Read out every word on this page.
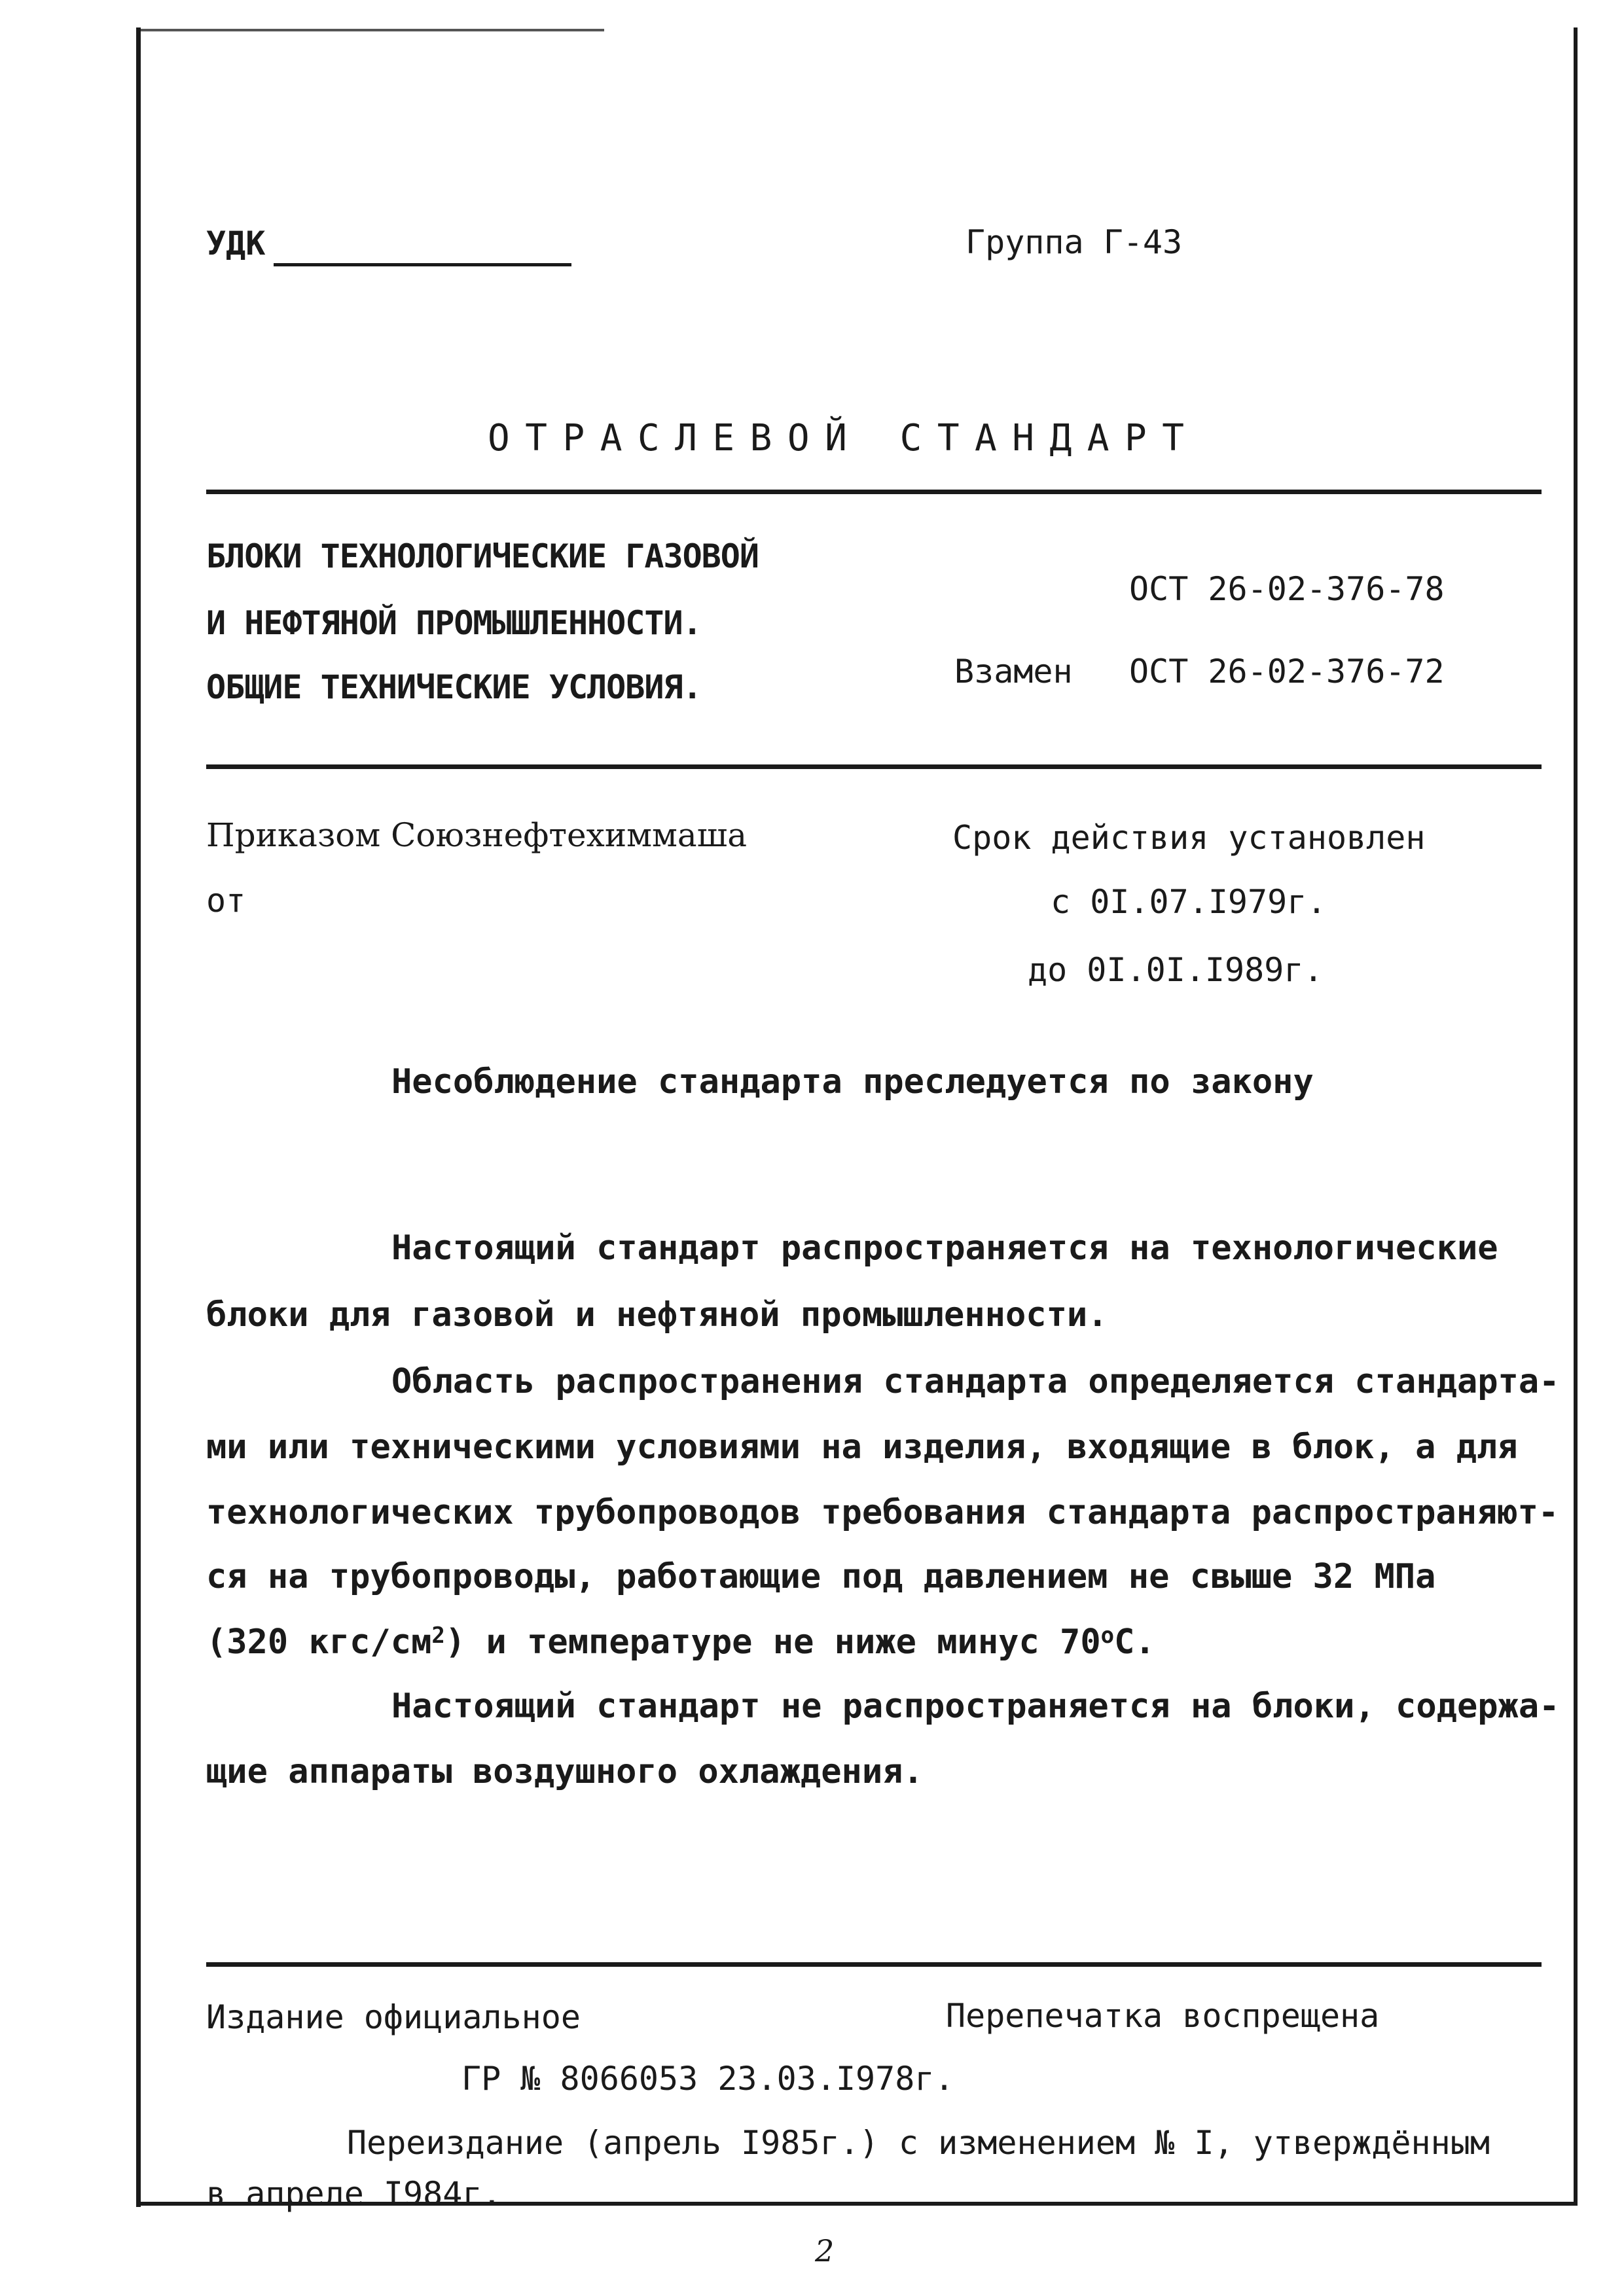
УДК	Группа Г-43
ОТРАСЛЕВОЙ СТАНДАРТ
БЛОКИ ТЕХНОЛОГИЧЕСКИЕ ГАЗОВОЙ
И НЕФТЯНОЙ ПРОМЫШЛЕННОСТИ.
ОБЩИЕ ТЕХНИЧЕСКИЕ УСЛОВИЯ.
ОСТ 26-02-376-78
Взамен ОСТ 26-02-376-72
Приказом Союзнефтехиммаша
от
Срок действия установлен
с 0I.07.I979г.
до 0I.0I.I989г.
Несоблюдение стандарта преследуется по закону
Настоящий стандарт распространяется на технологические
блоки для газовой и нефтяной промышленности.
Область распространения стандарта определяется стандарта-
ми или техническими условиями на изделия, входящие в блок, а для
технологических трубопроводов требования стандарта распространяют-
ся на трубопроводы, работающие под давлением не свыше 32 МПа
(320 кгс/$см^2$) и температуре не ниже минус $70^оС$.
Настоящий стандарт не распространяется на блоки, содержа-
щие аппараты воздушного охлаждения.
Издание официальное	Перепечатка воспрещена
ГР № 8066053 23.03.I978г.
Переиздание (апрель I985г.) с изменением № I, утверждённым
в апреле I984г.
2
